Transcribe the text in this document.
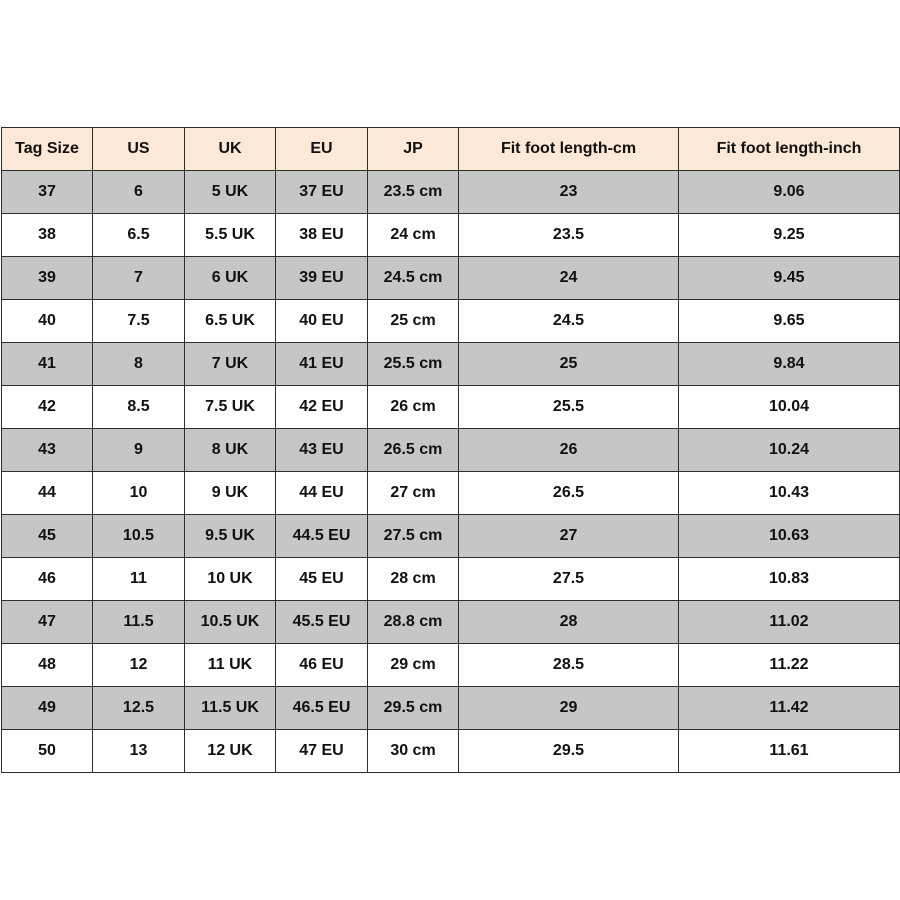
Tag Size	US	UK	EU	JP	Fit foot length-cm	Fit foot length-inch
37	6	5 UK	37 EU	23.5 cm	23	9.06
38	6.5	5.5 UK	38 EU	24 cm	23.5	9.25
39	7	6 UK	39 EU	24.5 cm	24	9.45
40	7.5	6.5 UK	40 EU	25 cm	24.5	9.65
41	8	7 UK	41 EU	25.5 cm	25	9.84
42	8.5	7.5 UK	42 EU	26 cm	25.5	10.04
43	9	8 UK	43 EU	26.5 cm	26	10.24
44	10	9 UK	44 EU	27 cm	26.5	10.43
45	10.5	9.5 UK	44.5 EU	27.5 cm	27	10.63
46	11	10 UK	45 EU	28 cm	27.5	10.83
47	11.5	10.5 UK	45.5 EU	28.8 cm	28	11.02
48	12	11 UK	46 EU	29 cm	28.5	11.22
49	12.5	11.5 UK	46.5 EU	29.5 cm	29	11.42
50	13	12 UK	47 EU	30 cm	29.5	11.61
